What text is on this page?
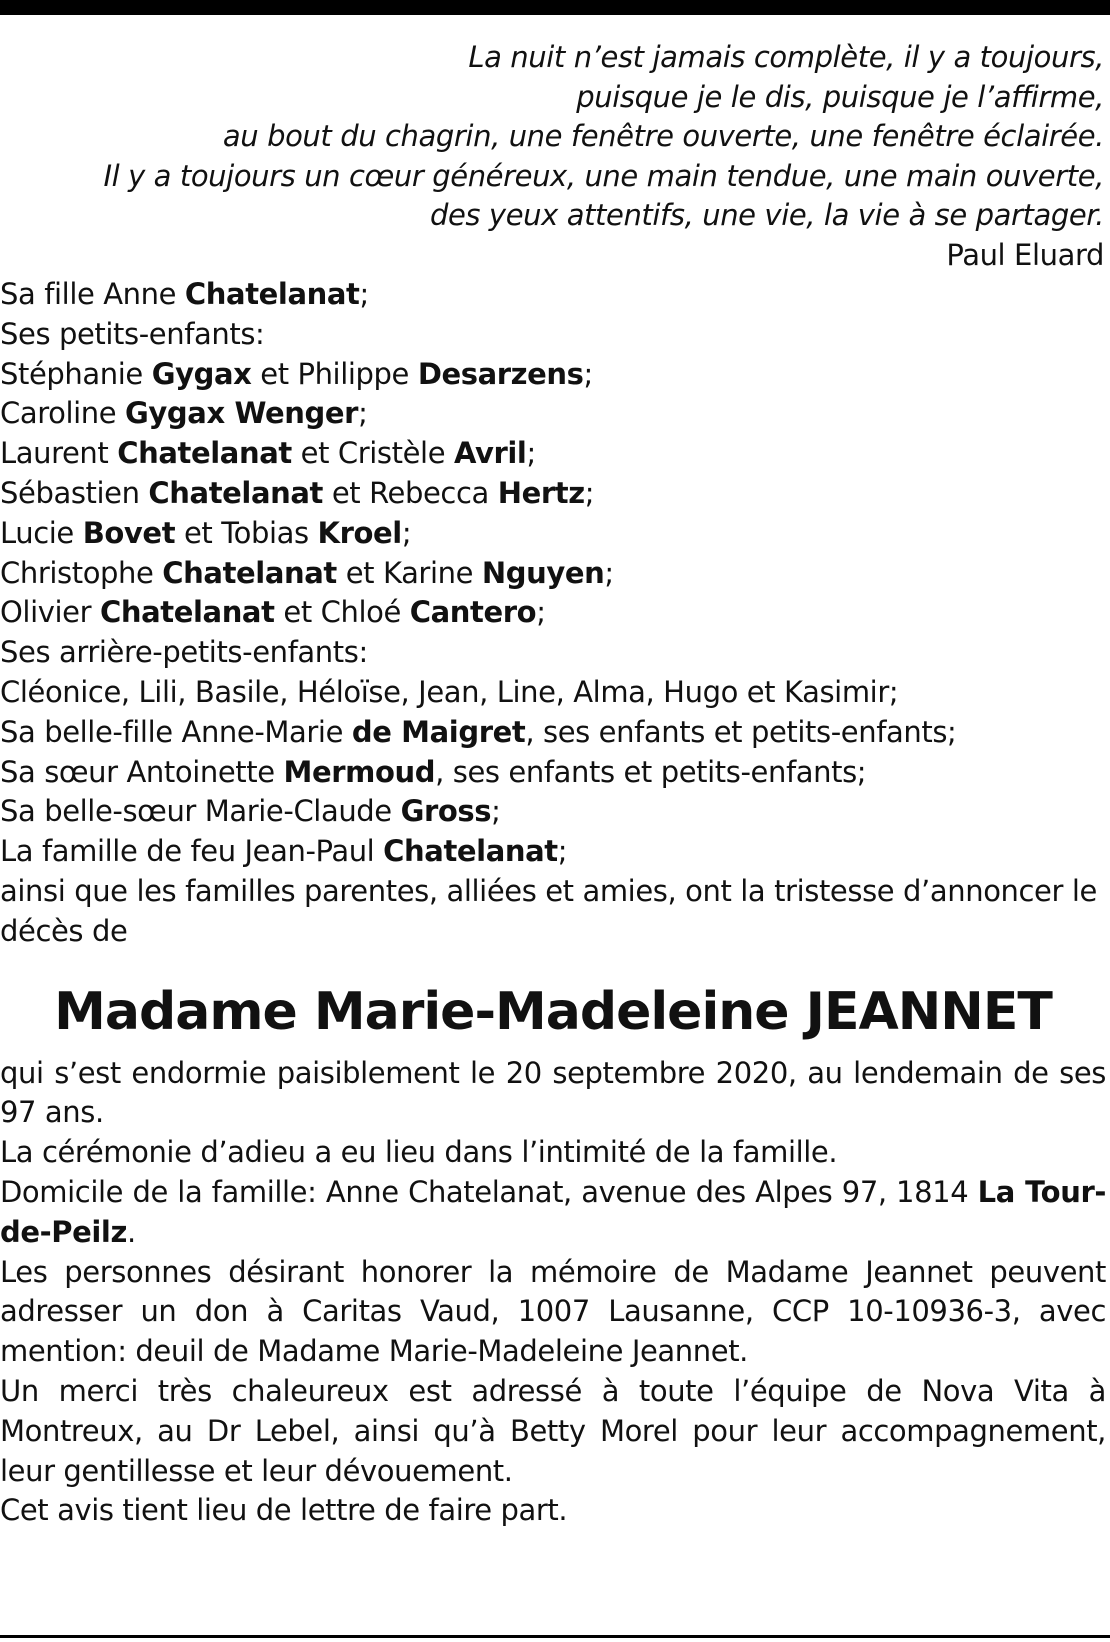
La nuit n’est jamais complète, il y a toujours,
puisque je le dis, puisque je l’affirme,
au bout du chagrin, une fenêtre ouverte, une fenêtre éclairée.
Il y a toujours un cœur généreux, une main tendue, une main ouverte,
des yeux attentifs, une vie, la vie à se partager.
Paul Eluard

Sa fille Anne Chatelanat;

Ses petits-enfants:

Stéphanie Gygax et Philippe Desarzens;

Caroline Gygax Wenger;

Laurent Chatelanat et Cristèle Avril;

Sébastien Chatelanat et Rebecca Hertz;

Lucie Bovet et Tobias Kroel;

Christophe Chatelanat et Karine Nguyen;

Olivier Chatelanat et Chloé Cantero;

Ses arrière-petits-enfants:

Cléonice, Lili, Basile, Héloïse, Jean, Line, Alma, Hugo et Kasimir;

Sa belle-fille Anne-Marie de Maigret, ses enfants et petits-enfants;

Sa sœur Antoinette Mermoud, ses enfants et petits-enfants;

Sa belle-sœur Marie-Claude Gross;

La famille de feu Jean-Paul Chatelanat;

ainsi que les familles parentes, alliées et amies, ont la tristesse d’annoncer le décès de

Madame Marie-Madeleine JEANNET

qui s’est endormie paisiblement le 20 septembre 2020, au lendemain de ses 97 ans.

La cérémonie d’adieu a eu lieu dans l’intimité de la famille.

Domicile de la famille: Anne Chatelanat, avenue des Alpes 97, 1814 La Tour-de-Peilz.

Les personnes désirant honorer la mémoire de Madame Jeannet peuvent adresser un don à Caritas Vaud, 1007 Lausanne, CCP 10-10936-3, avec mention: deuil de Madame Marie-Madeleine Jeannet.

Un merci très chaleureux est adressé à toute l’équipe de Nova Vita à Montreux, au Dr Lebel, ainsi qu’à Betty Morel pour leur accompagnement, leur gentillesse et leur dévouement.

Cet avis tient lieu de lettre de faire part.
